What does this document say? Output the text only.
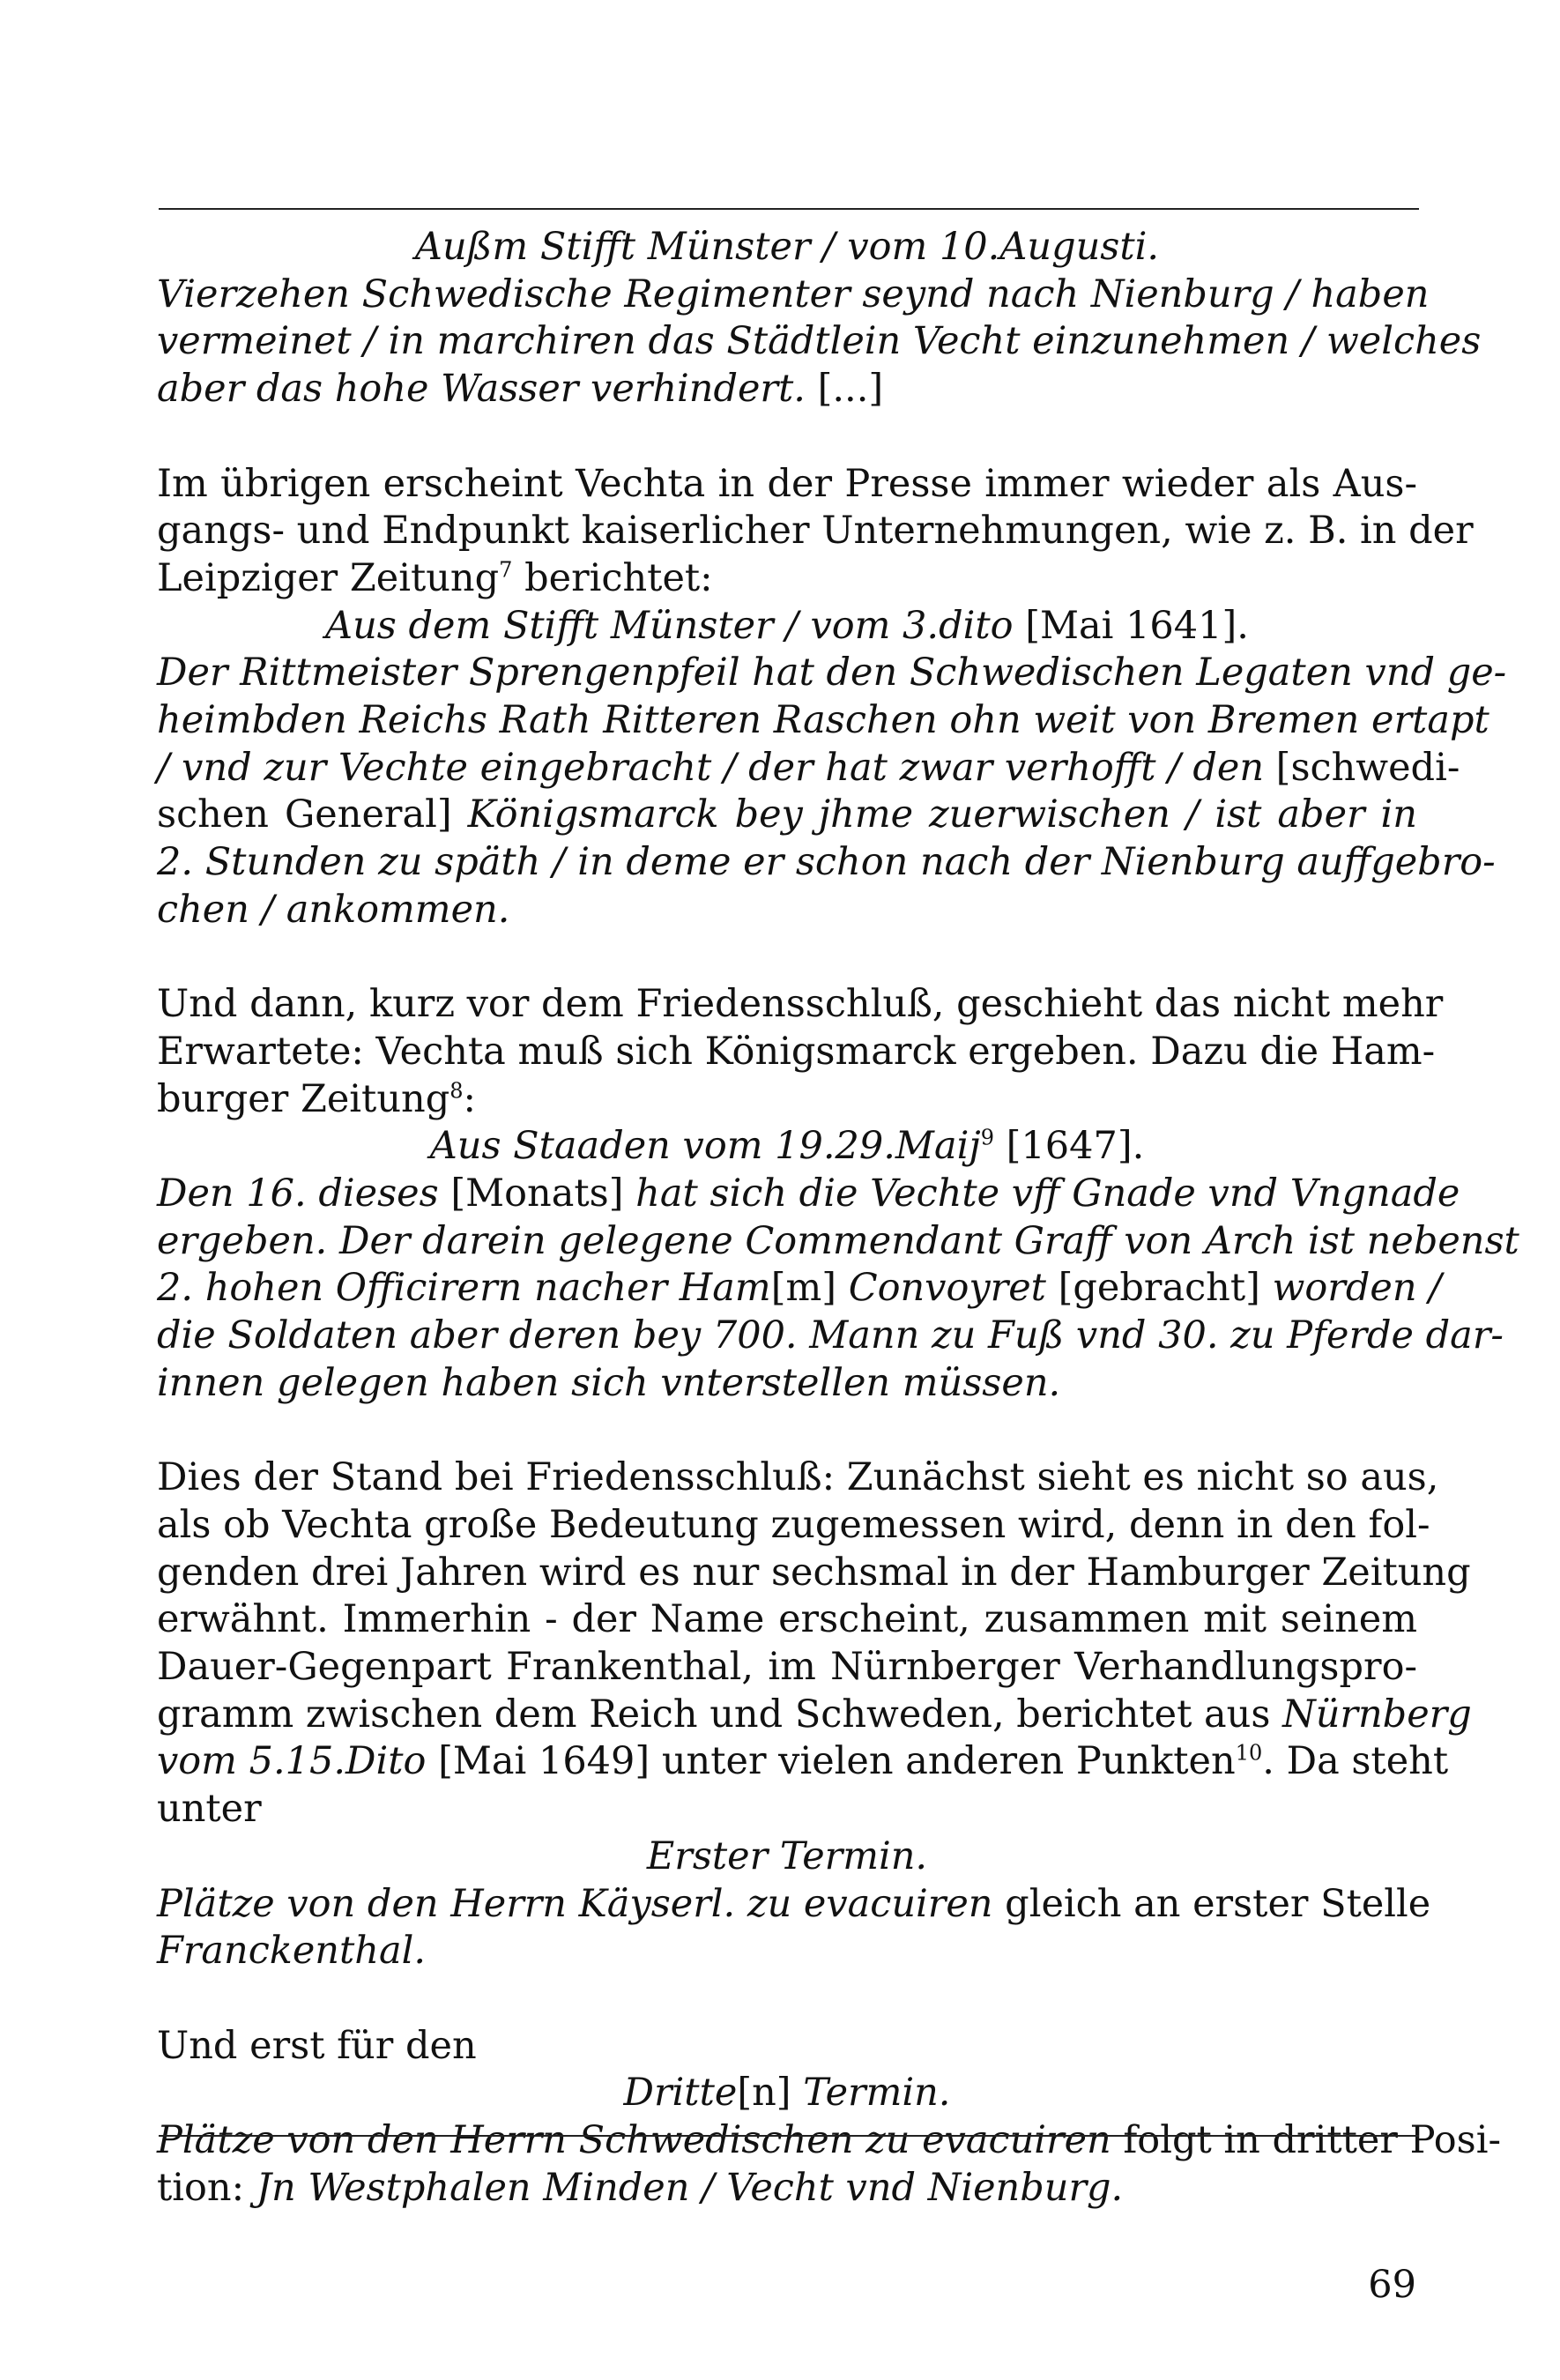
Außm Stifft Münster / vom 10.Augusti.
Vierzehen Schwedische Regimenter seynd nach Nienburg / haben
vermeinet / in marchiren das Städtlein Vecht einzunehmen / welches
aber das hohe Wasser verhindert. [...]
Im übrigen erscheint Vechta in der Presse immer wieder als Aus-
gangs- und Endpunkt kaiserlicher Unternehmungen, wie z. B. in der
Leipziger Zeitung$^7$ berichtet:
Aus dem Stifft Münster / vom 3.dito [Mai 1641].
Der Rittmeister Sprengenpfeil hat den Schwedischen Legaten vnd ge-
heimbden Reichs Rath Ritteren Raschen ohn weit von Bremen ertapt
/ vnd zur Vechte eingebracht / der hat zwar verhofft / den [schwedi-
schen General] Königsmarck bey jhme zuerwischen / ist aber in
2. Stunden zu späth / in deme er schon nach der Nienburg auffgebro-
chen / ankommen.
Und dann, kurz vor dem Friedensschluß, geschieht das nicht mehr
Erwartete: Vechta muß sich Königsmarck ergeben. Dazu die Ham-
burger Zeitung$^8$:
Aus Staaden vom 19.29.Maij$^9$ [1647].
Den 16. dieses [Monats] hat sich die Vechte vff Gnade vnd Vngnade
ergeben. Der darein gelegene Commendant Graff von Arch ist nebenst
2. hohen Officirern nacher Ham[m] Convoyret [gebracht] worden /
die Soldaten aber deren bey 700. Mann zu Fuß vnd 30. zu Pferde dar-
innen gelegen haben sich vnterstellen müssen.
Dies der Stand bei Friedensschluß: Zunächst sieht es nicht so aus,
als ob Vechta große Bedeutung zugemessen wird, denn in den fol-
genden drei Jahren wird es nur sechsmal in der Hamburger Zeitung
erwähnt. Immerhin - der Name erscheint, zusammen mit seinem
Dauer-Gegenpart Frankenthal, im Nürnberger Verhandlungspro-
gramm zwischen dem Reich und Schweden, berichtet aus Nürnberg
vom 5.15.Dito [Mai 1649] unter vielen anderen Punkten$^{10}$. Da steht
unter
Erster Termin.
Plätze von den Herrn Käyserl. zu evacuiren gleich an erster Stelle
Franckenthal.
Und erst für den
Dritte[n] Termin.
Plätze von den Herrn Schwedischen zu evacuiren folgt in dritter Posi-
tion: Jn Westphalen Minden / Vecht vnd Nienburg.
69
